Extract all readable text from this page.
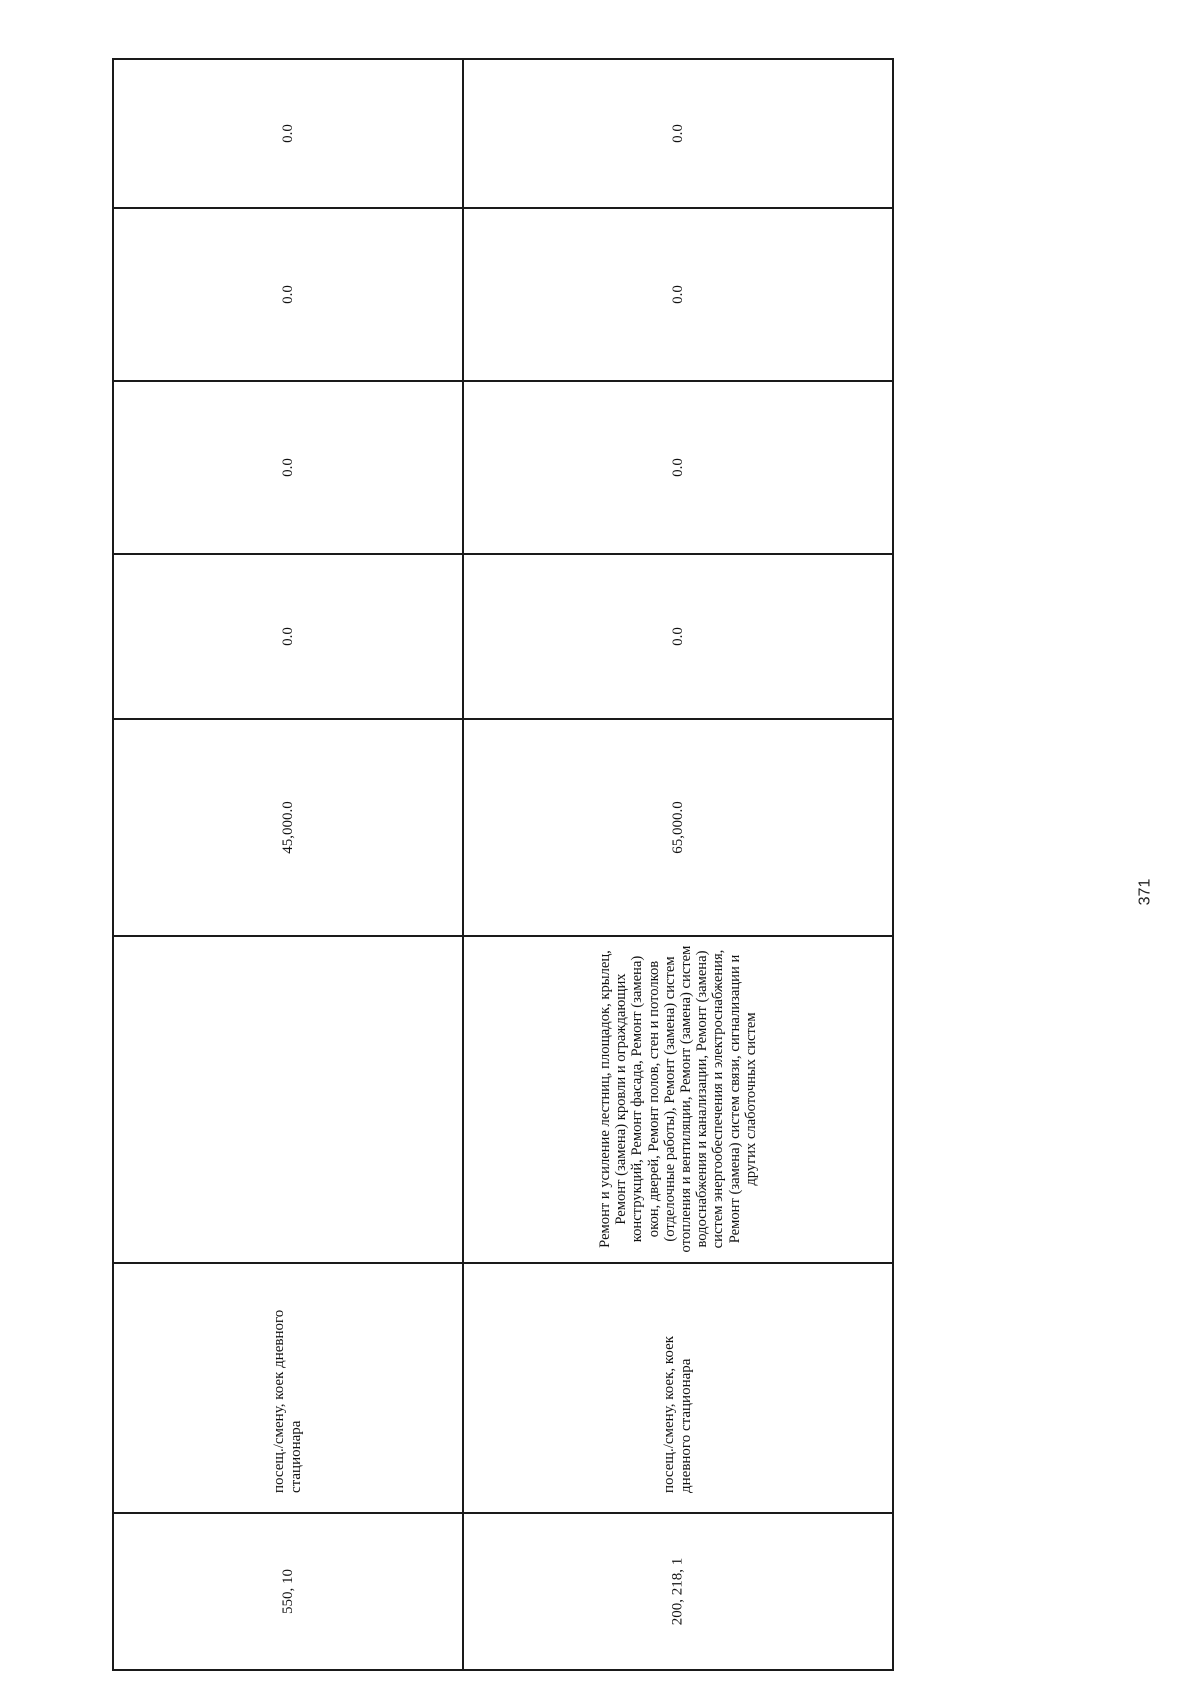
0.0
0.0
0.0
0.0
45,000.0
посещ./смену, коек дневного стационара
550, 10
0.0
0.0
0.0
0.0
65,000.0
Ремонт и усиление лестниц, площадок, крылец, Ремонт (замена) кровли и ограждающих конструкций, Ремонт фасада, Ремонт (замена) окон, дверей, Ремонт полов, стен и потолков (отделочные работы), Ремонт (замена) систем отопления и вентиляции, Ремонт (замена) систем водоснабжения и канализации, Ремонт (замена) систем энергообеспечения и электроснабжения, Ремонт (замена) систем связи, сигнализации и других слаботочных систем
посещ./смену, коек, коек дневного стационара
200, 218, 1
371
